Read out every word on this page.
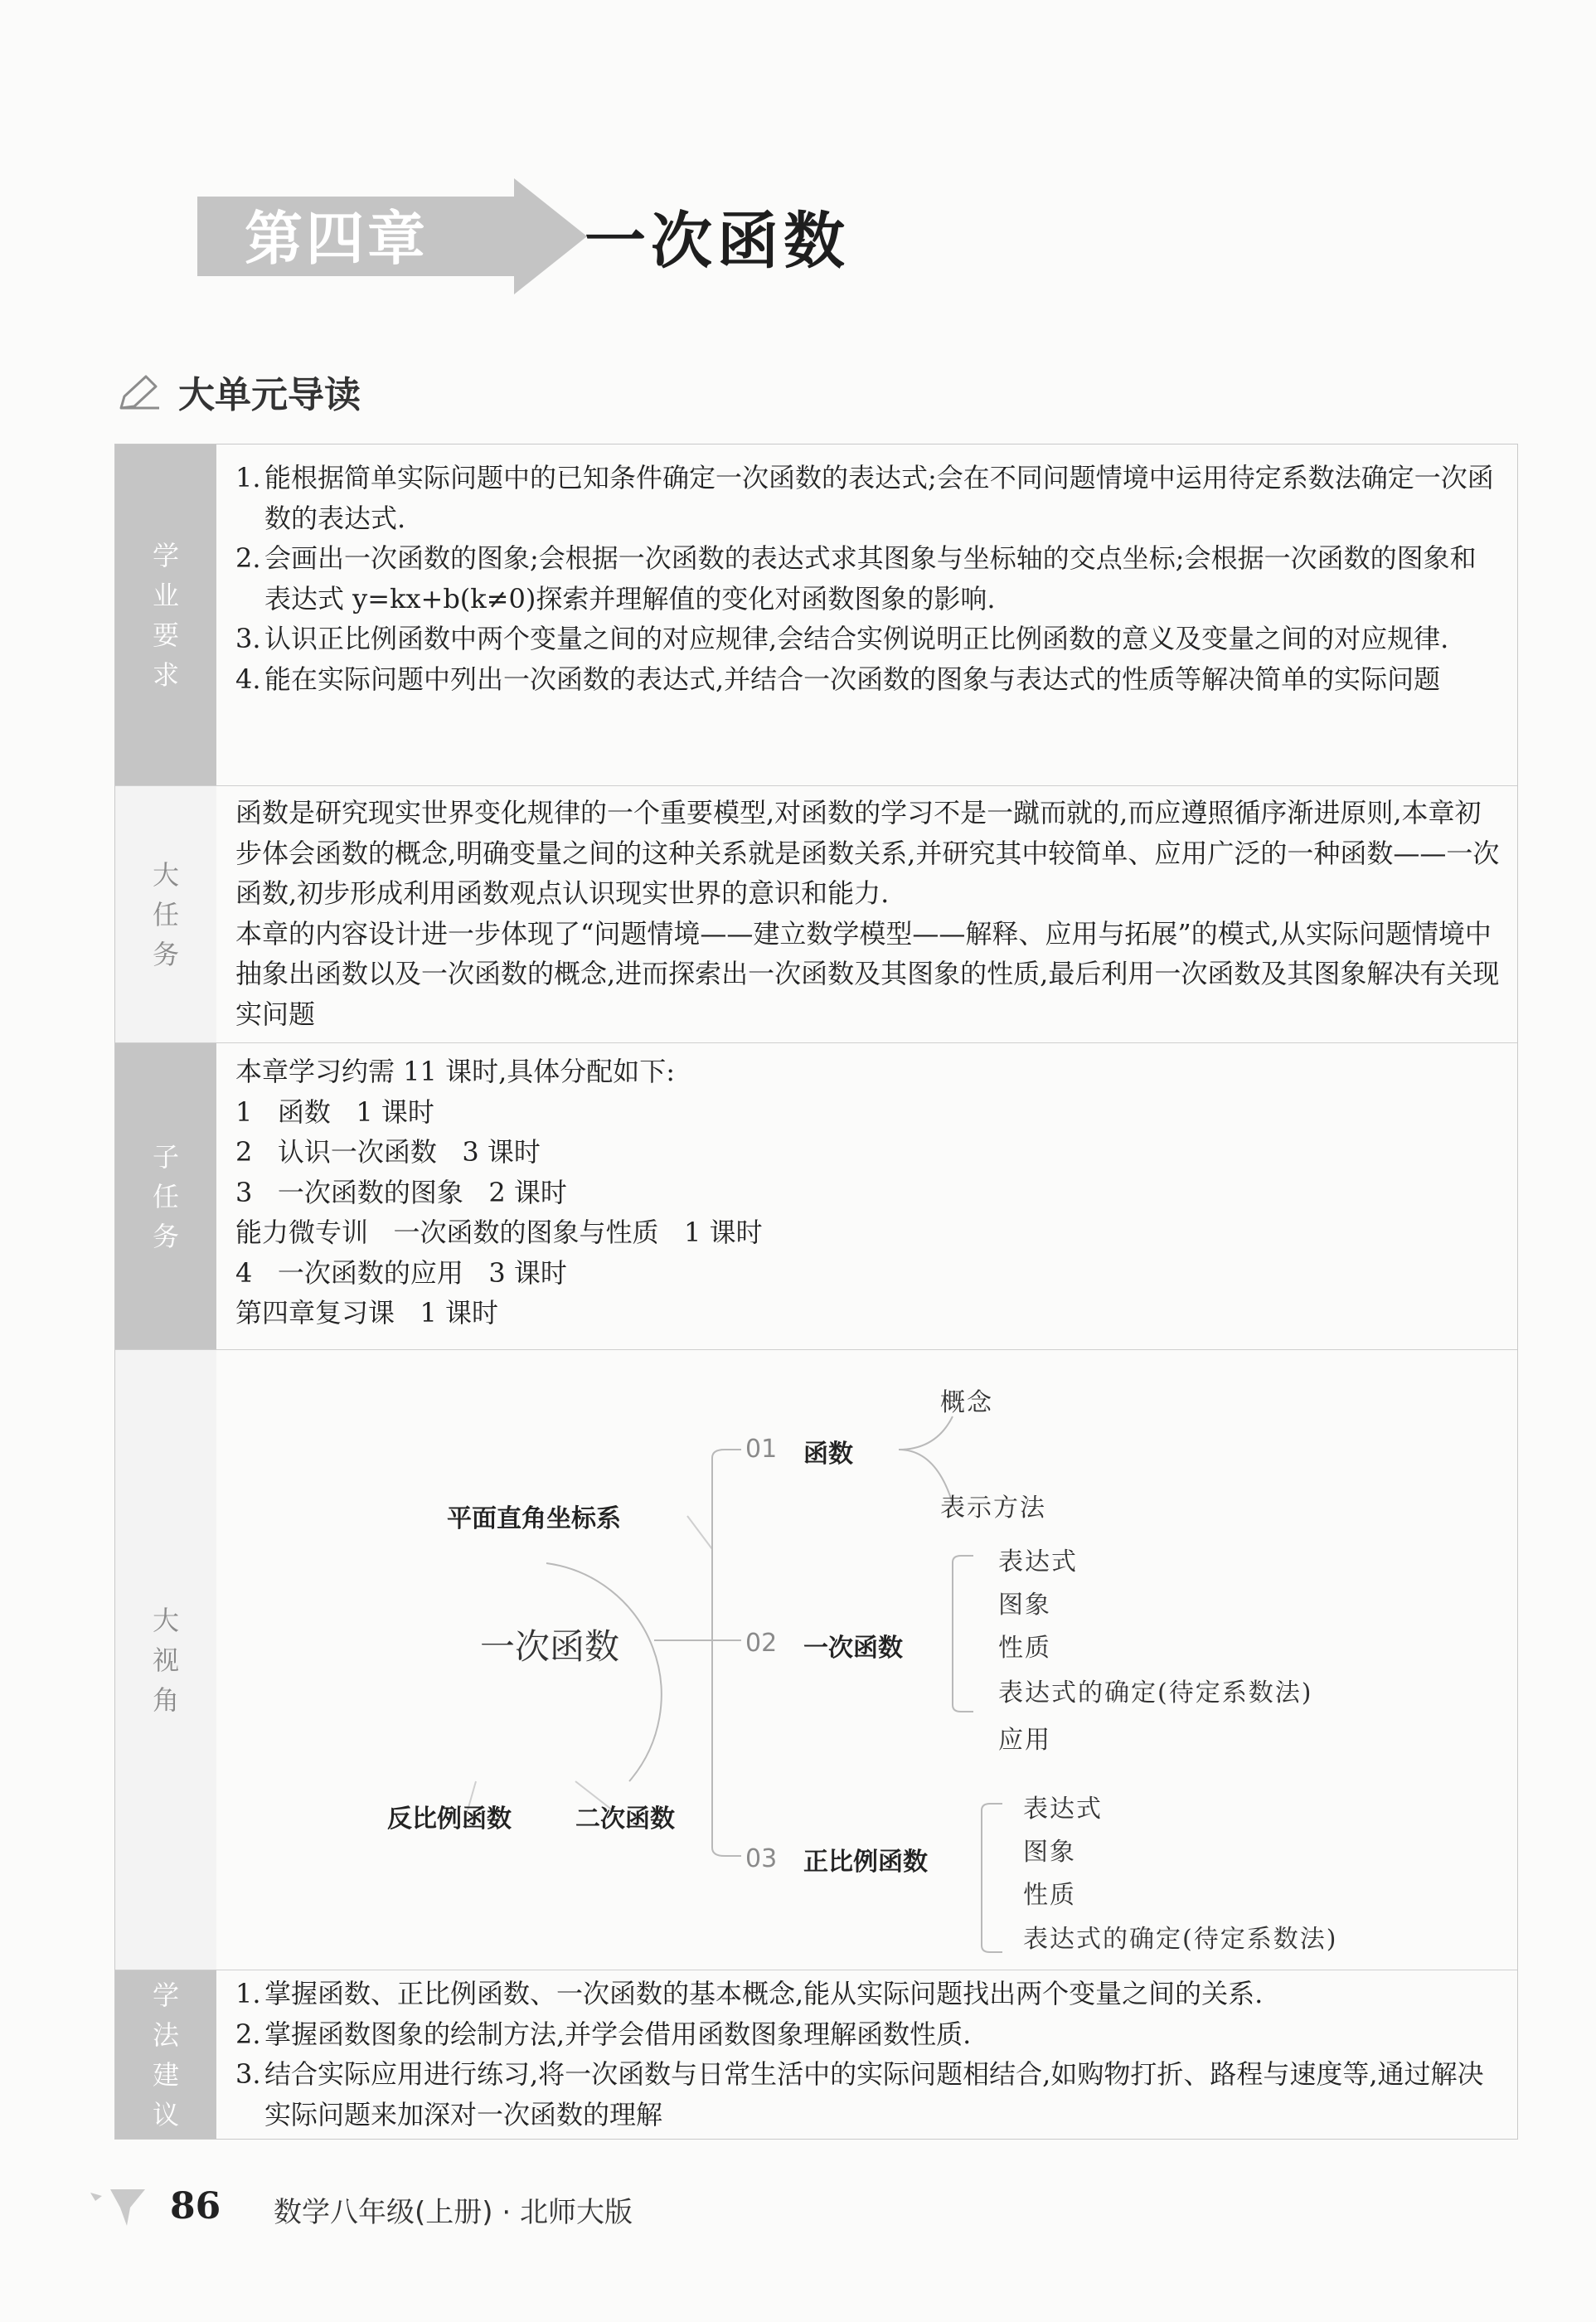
第四章	一次函数
大单元导读
学
业
要
求
1. 能根据简单实际问题中的已知条件确定一次函数的表达式;会在不同问题情境中运用待定系数法确定一次函数的表达式.
2. 会画出一次函数的图象;会根据一次函数的表达式求其图象与坐标轴的交点坐标;会根据一次函数的图象和表达式 y=kx+b(k≠0)探索并理解值的变化对函数图象的影响.
3. 认识正比例函数中两个变量之间的对应规律,会结合实例说明正比例函数的意义及变量之间的对应规律.
4. 能在实际问题中列出一次函数的表达式,并结合一次函数的图象与表达式的性质等解决简单的实际问题
大
任
务
函数是研究现实世界变化规律的一个重要模型,对函数的学习不是一蹴而就的,而应遵照循序渐进原则,本章初步体会函数的概念,明确变量之间的这种关系就是函数关系,并研究其中较简单、应用广泛的一种函数——一次函数,初步形成利用函数观点认识现实世界的意识和能力.
本章的内容设计进一步体现了“问题情境——建立数学模型——解释、应用与拓展”的模式,从实际问题情境中抽象出函数以及一次函数的概念,进而探索出一次函数及其图象的性质,最后利用一次函数及其图象解决有关现实问题
子
任
务
本章学习约需 11 课时,具体分配如下:
1   函数   1 课时
2   认识一次函数   3 课时
3   一次函数的图象   2 课时
能力微专训   一次函数的图象与性质   1 课时
4   一次函数的应用   3 课时
第四章复习课   1 课时
大
视
角
平面直角坐标系
一次函数
反比例函数	二次函数
01 函数
概念
表示方法
02 一次函数
表达式
图象
性质
表达式的确定(待定系数法)
应用
03 正比例函数
表达式
图象
性质
表达式的确定(待定系数法)
学
法
建
议
1. 掌握函数、正比例函数、一次函数的基本概念,能从实际问题找出两个变量之间的关系.
2. 掌握函数图象的绘制方法,并学会借用函数图象理解函数性质.
3. 结合实际应用进行练习,将一次函数与日常生活中的实际问题相结合,如购物打折、路程与速度等,通过解决实际问题来加深对一次函数的理解
86 数学八年级(上册) · 北师大版
